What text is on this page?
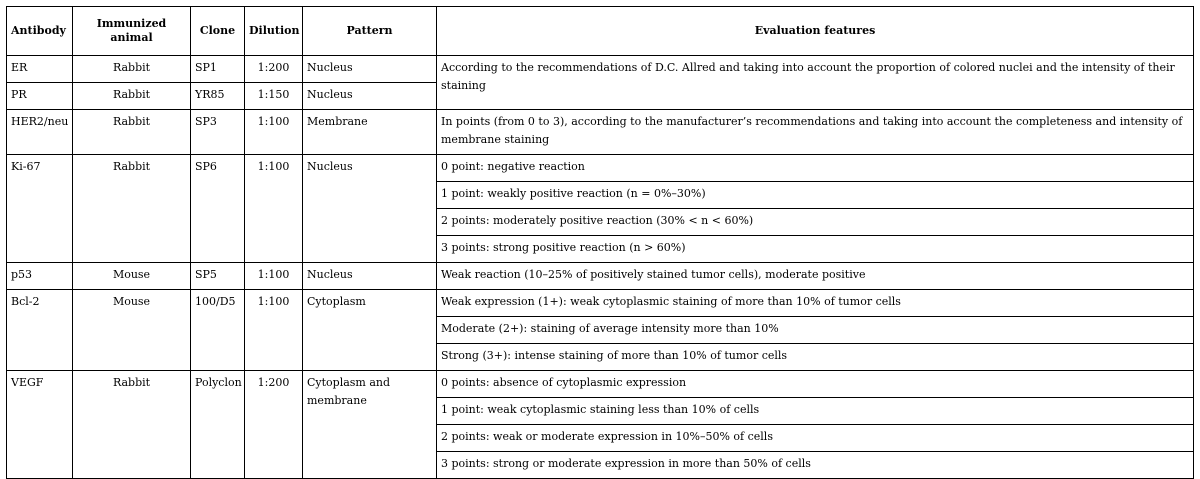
Antibody	Immunized animal	Clone	Dilution	Pattern	Evaluation features
ER	Rabbit	SP1	1:200	Nucleus	According to the recommendations of D.C. Allred and taking into account the proportion of colored nuclei and the intensity of their staining
PR	Rabbit	YR85	1:150	Nucleus	
HER2/neu	Rabbit	SP3	1:100	Membrane	In points (from 0 to 3), according to the manufacturer’s recommendations and taking into account the completeness and intensity of membrane staining
Ki-67	Rabbit	SP6	1:100	Nucleus	0 point: negative reaction
					1 point: weakly positive reaction (n = 0%–30%)
					2 points: moderately positive reaction (30% < n < 60%)
					3 points: strong positive reaction (n > 60%)
p53	Mouse	SP5	1:100	Nucleus	Weak reaction (10–25% of positively stained tumor cells), moderate positive
Bcl-2	Mouse	100/D5	1:100	Cytoplasm	Weak expression (1+): weak cytoplasmic staining of more than 10% of tumor cells
					Moderate (2+): staining of average intensity more than 10%
					Strong (3+): intense staining of more than 10% of tumor cells
VEGF	Rabbit	Polyclon	1:200	Cytoplasm and membrane	0 points: absence of cytoplasmic expression
					1 point: weak cytoplasmic staining less than 10% of cells
					2 points: weak or moderate expression in 10%–50% of cells
					3 points: strong or moderate expression in more than 50% of cells
